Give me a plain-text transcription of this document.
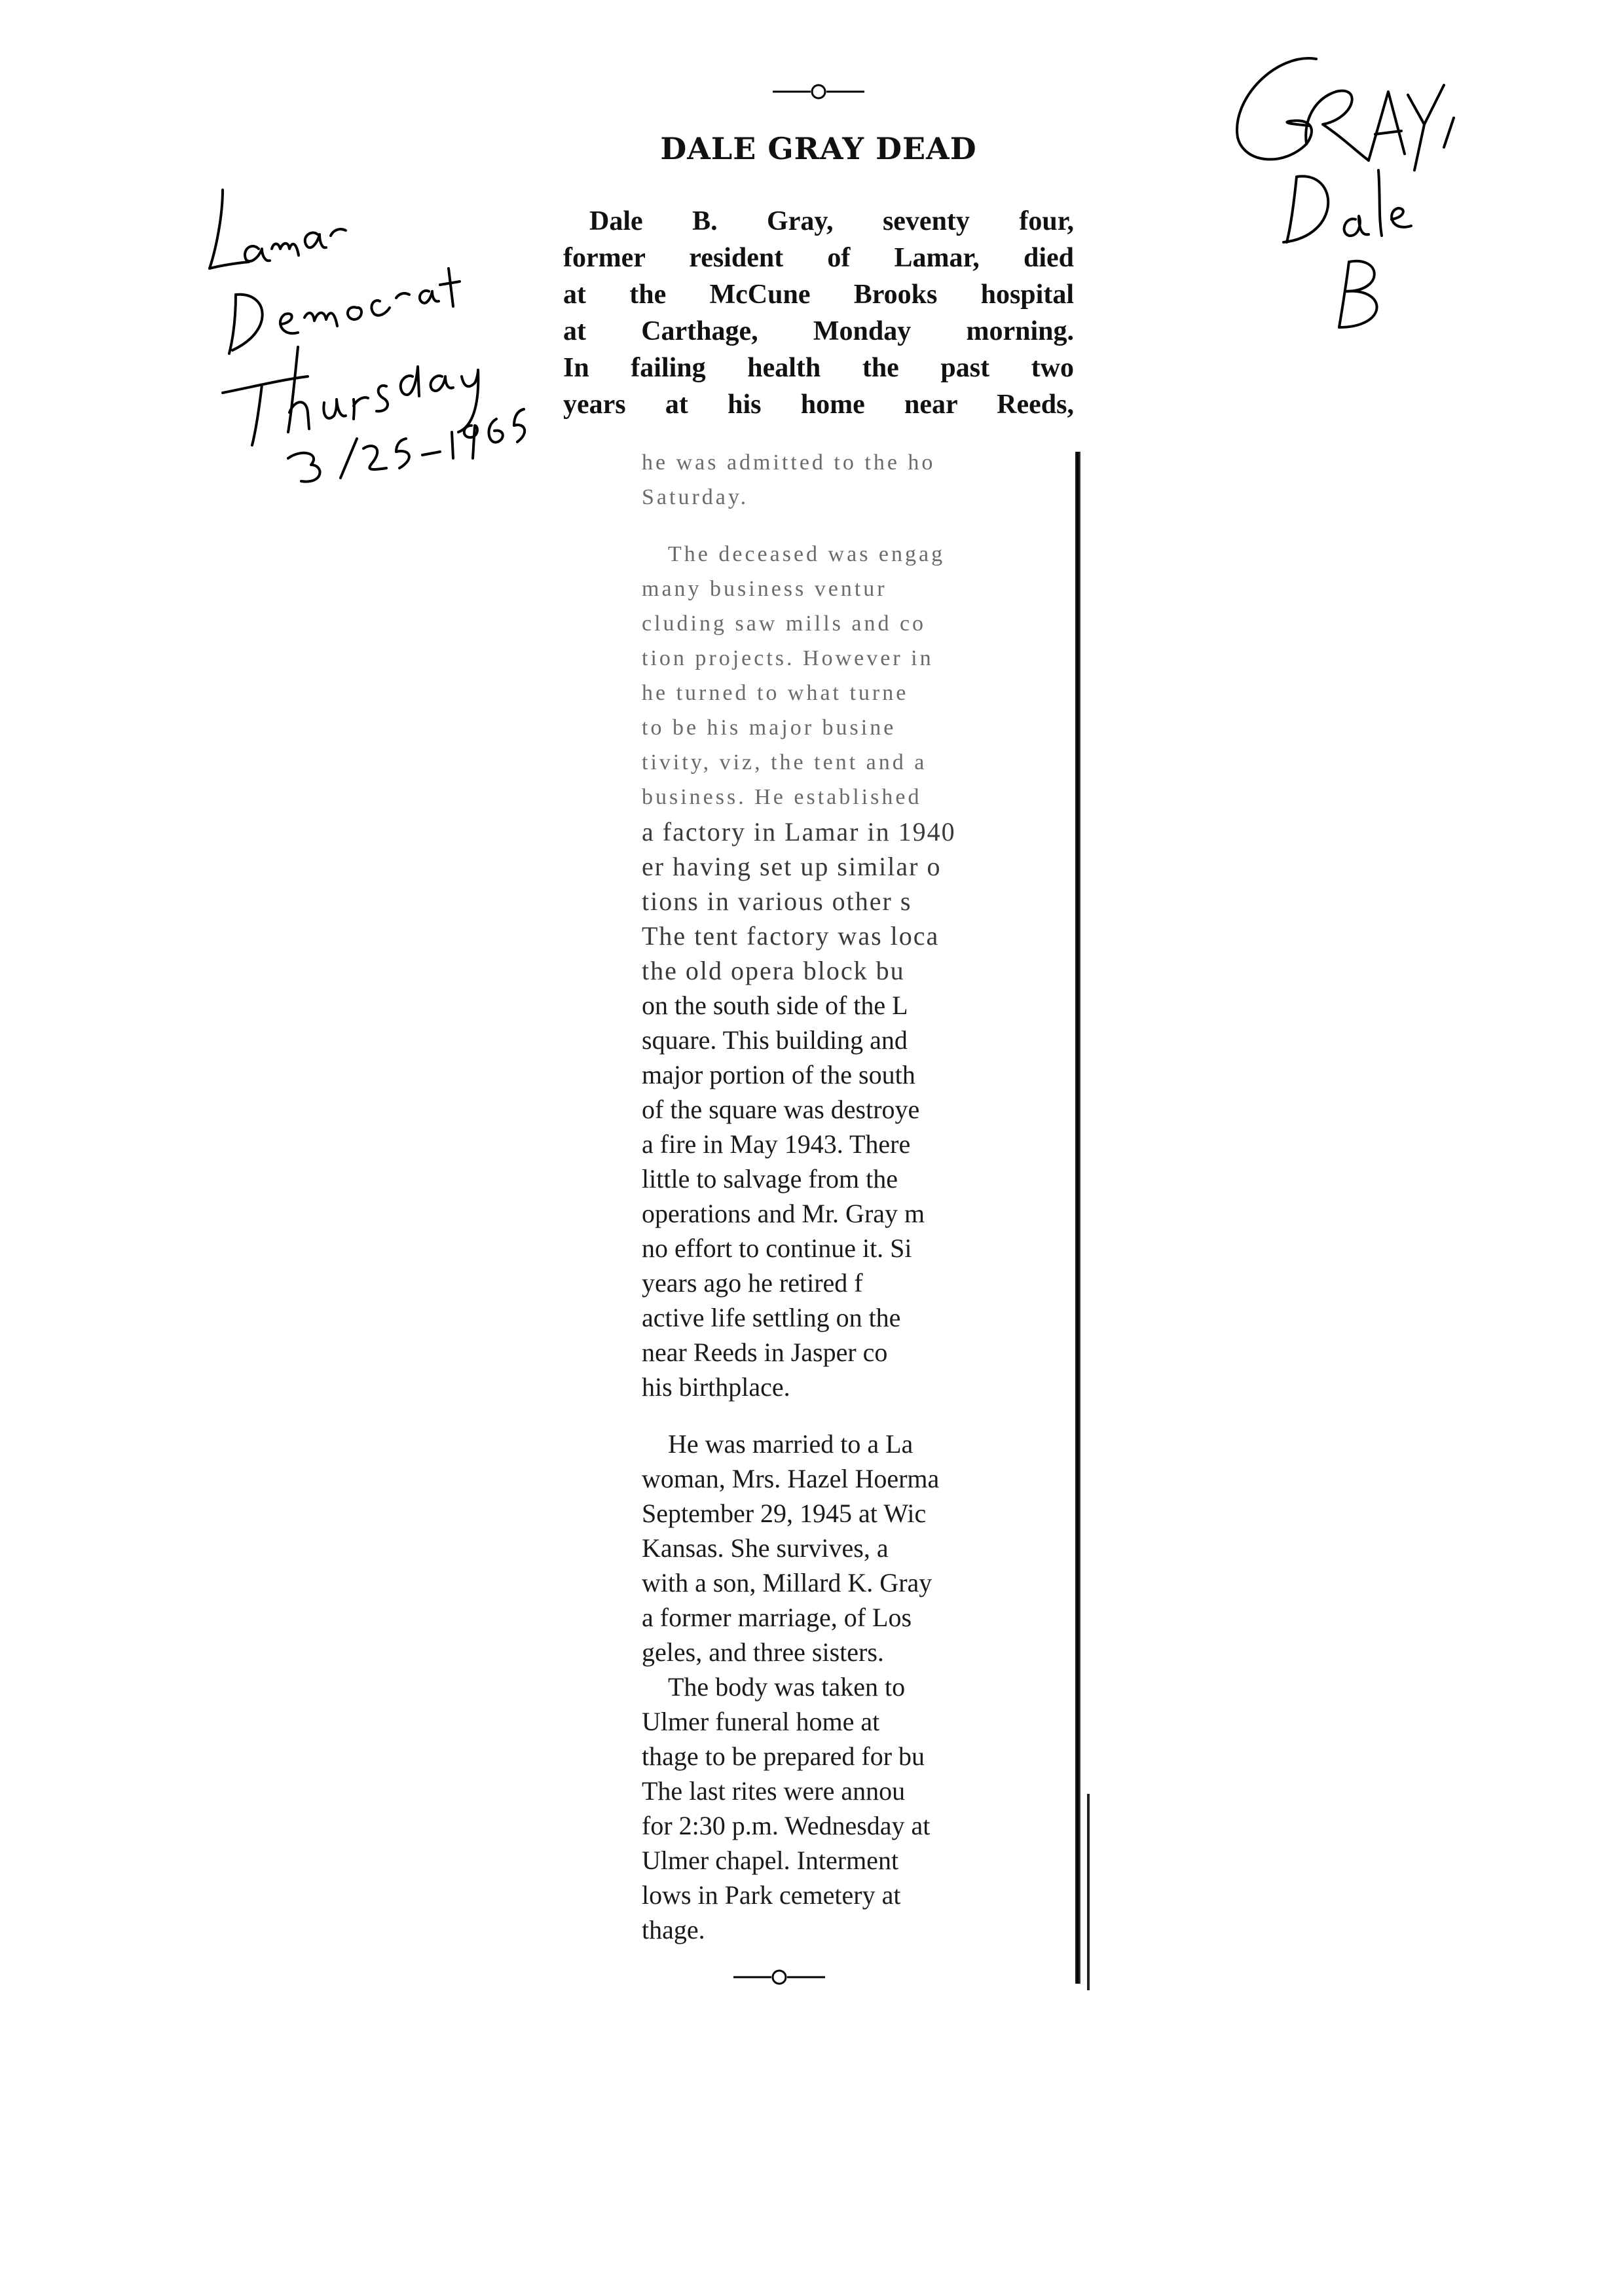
DALE GRAY DEAD
Dale B. Gray, seventy four,
former resident of Lamar, died
at the McCune Brooks hospital
at Carthage, Monday morning.
In failing health the past two
years at his home near Reeds,
he was admitted to the ho
Saturday.
The deceased was engag
many business ventur
cluding saw mills and co
tion projects. However in
he turned to what turne
to be his major busine
tivity, viz, the tent and a
business. He established
a factory in Lamar in 1940
er having set up similar o
tions in various other s
The tent factory was loca
the old opera block bu
on the south side of the L
square. This building and
major portion of the south
of the square was destroye
a fire in May 1943. There
little to salvage from the
operations and Mr. Gray m
no effort to continue it. Si
years ago he retired f
active life settling on the
near Reeds in Jasper co
his birthplace.
He was married to a La
woman, Mrs. Hazel Hoerma
September 29, 1945 at Wic
Kansas. She survives, a
with a son, Millard K. Gray
a former marriage, of Los
geles, and three sisters.
The body was taken to
Ulmer funeral home at
thage to be prepared for bu
The last rites were annou
for 2:30 p.m. Wednesday at
Ulmer chapel. Interment
lows in Park cemetery at
thage.
